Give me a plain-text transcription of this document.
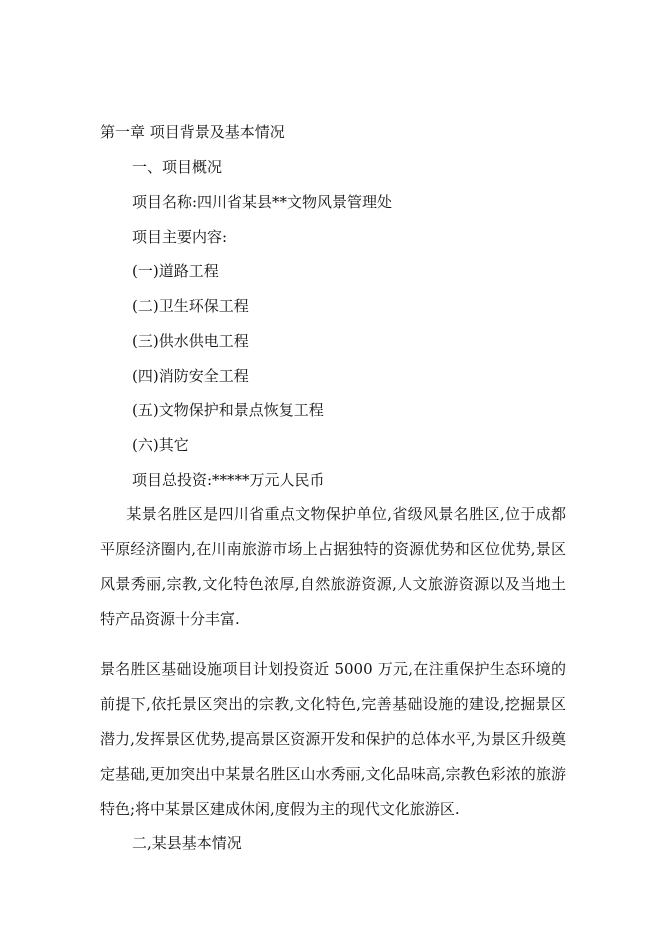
第一章 项目背景及基本情况
一、项目概况
项目名称:四川省某县**文物风景管理处
项目主要内容:
(一)道路工程
(二)卫生环保工程
(三)供水供电工程
(四)消防安全工程
(五)文物保护和景点恢复工程
(六)其它
项目总投资:*****万元人民币
某景名胜区是四川省重点文物保护单位,省级风景名胜区,位于成都平原经济圈内,在川南旅游市场上占据独特的资源优势和区位优势,景区风景秀丽,宗教,文化特色浓厚,自然旅游资源,人文旅游资源以及当地土特产品资源十分丰富.
景名胜区基础设施项目计划投资近 5000 万元,在注重保护生态环境的前提下,依托景区突出的宗教,文化特色,完善基础设施的建设,挖掘景区潜力,发挥景区优势,提高景区资源开发和保护的总体水平,为景区升级奠定基础,更加突出中某景名胜区山水秀丽,文化品味高,宗教色彩浓的旅游特色;将中某景区建成休闲,度假为主的现代文化旅游区.
二,某县基本情况
